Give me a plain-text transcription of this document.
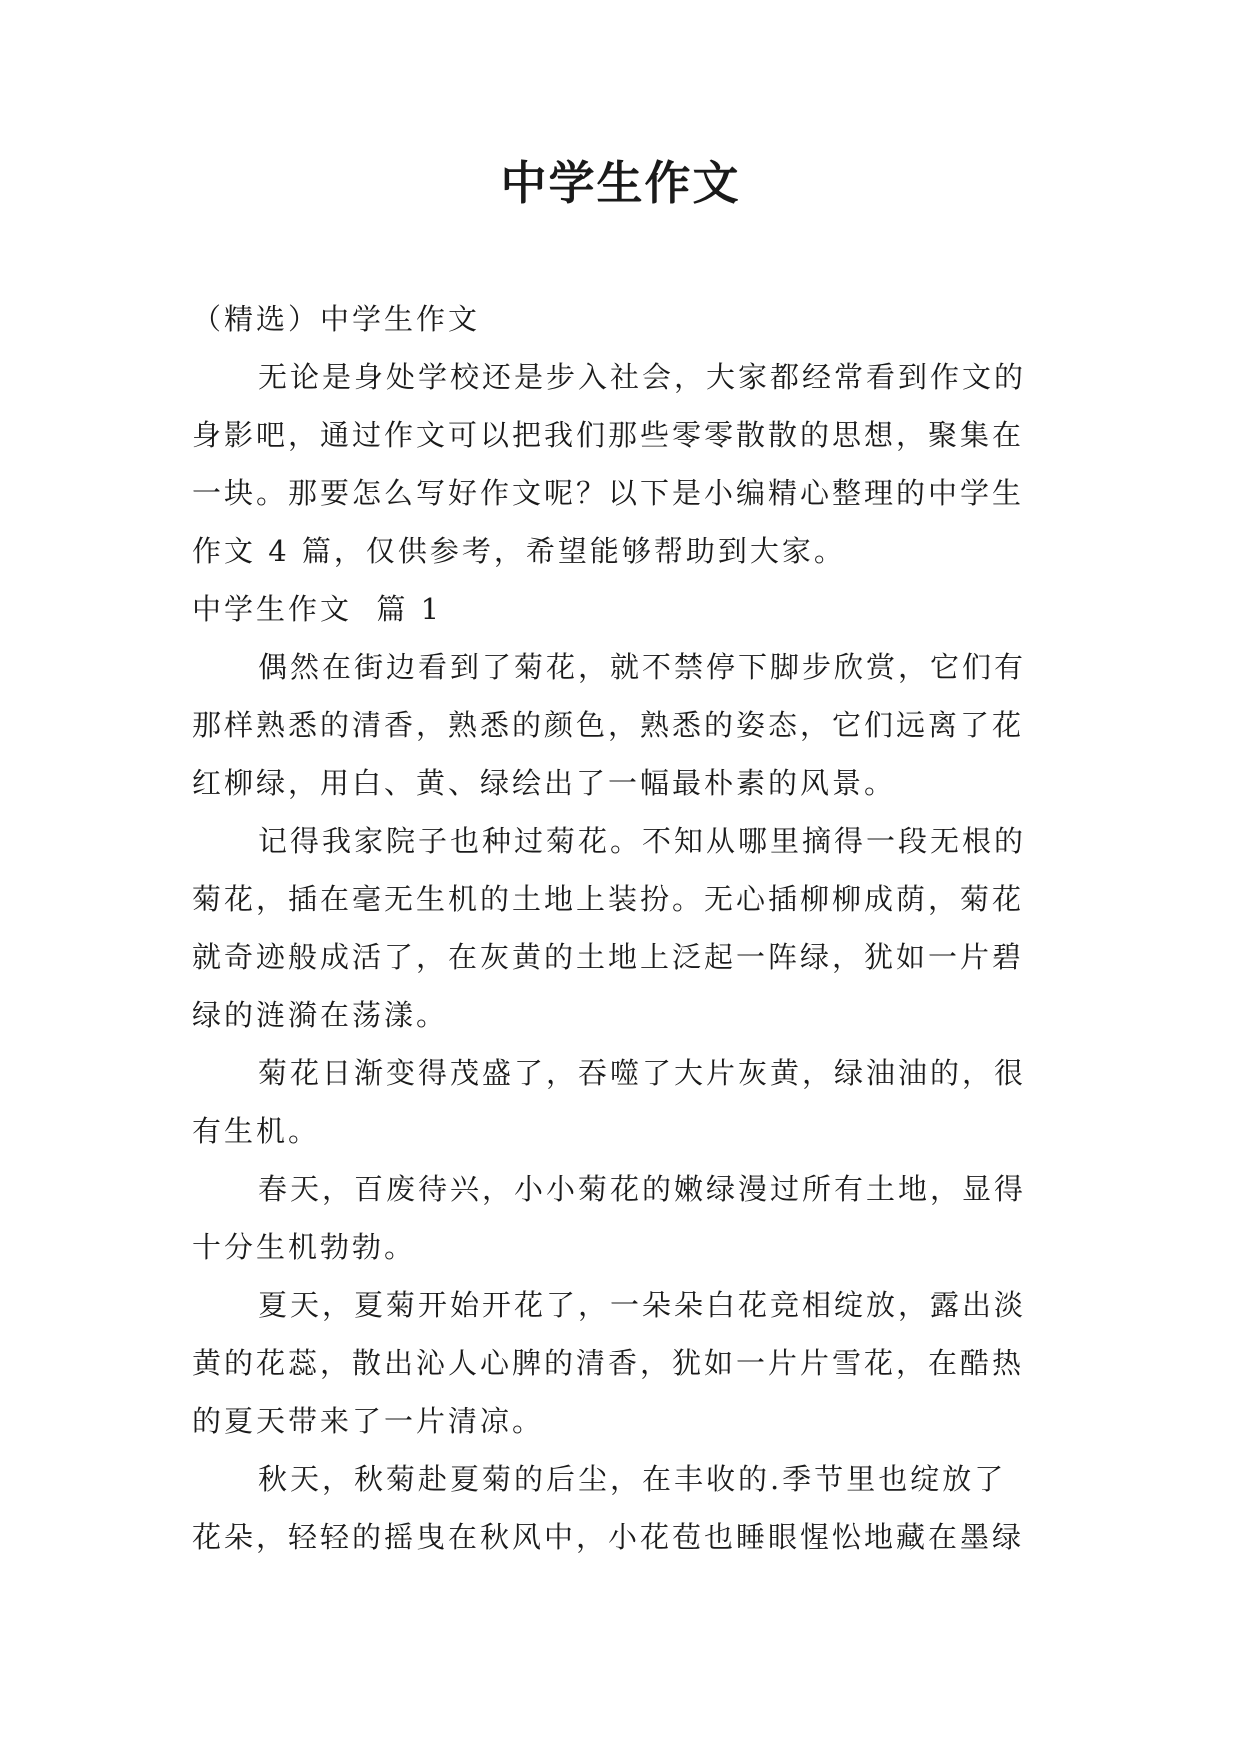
中学生作文

（精选）中学生作文

无论是身处学校还是步入社会，大家都经常看到作文的

身影吧，通过作文可以把我们那些零零散散的思想，聚集在

一块。那要怎么写好作文呢？以下是小编精心整理的中学生

作文 4 篇，仅供参考，希望能够帮助到大家。

中学生作文  篇 1

偶然在街边看到了菊花，就不禁停下脚步欣赏，它们有

那样熟悉的清香，熟悉的颜色，熟悉的姿态，它们远离了花

红柳绿，用白、黄、绿绘出了一幅最朴素的风景。

记得我家院子也种过菊花。不知从哪里摘得一段无根的

菊花，插在毫无生机的土地上装扮。无心插柳柳成荫，菊花

就奇迹般成活了，在灰黄的土地上泛起一阵绿，犹如一片碧

绿的涟漪在荡漾。

菊花日渐变得茂盛了，吞噬了大片灰黄，绿油油的，很

有生机。

春天，百废待兴，小小菊花的嫩绿漫过所有土地，显得

十分生机勃勃。

夏天，夏菊开始开花了，一朵朵白花竞相绽放，露出淡

黄的花蕊，散出沁人心脾的清香，犹如一片片雪花，在酷热

的夏天带来了一片清凉。

秋天，秋菊赴夏菊的后尘，在丰收的.季节里也绽放了

花朵，轻轻的摇曳在秋风中，小花苞也睡眼惺忪地藏在墨绿
